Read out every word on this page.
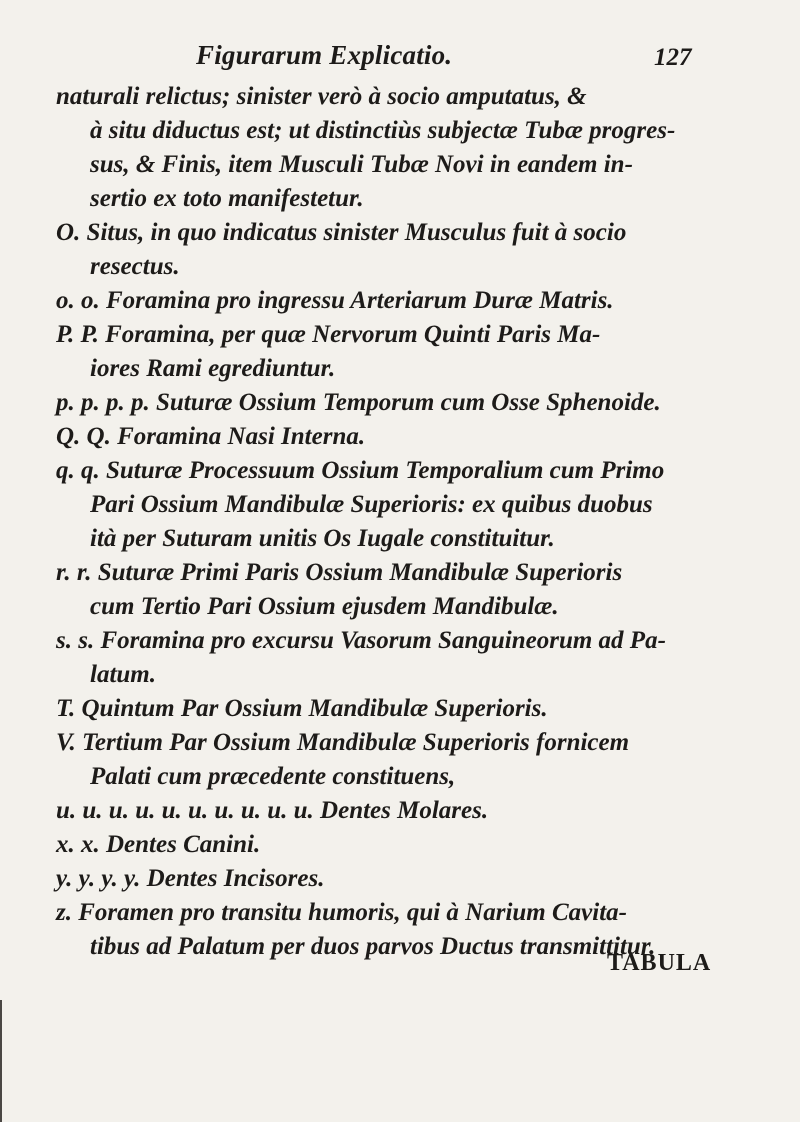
Figurarum Explicatio.	127
naturali relictus; sinister verò à socio amputatus, &
à situ diductus est; ut distinctiùs subjectæ Tubæ progres-
sus, & Finis, item Musculi Tubæ Novi in eandem in-
sertio ex toto manifestetur.
O. Situs, in quo indicatus sinister Musculus fuit à socio
resectus.
o. o. Foramina pro ingressu Arteriarum Duræ Matris.
P. P. Foramina, per quæ Nervorum Quinti Paris Ma-
iores Rami egrediuntur.
p. p. p. p. Suturæ Ossium Temporum cum Osse Sphenoide.
Q. Q. Foramina Nasi Interna.
q. q. Suturæ Processuum Ossium Temporalium cum Primo
Pari Ossium Mandibulæ Superioris: ex quibus duobus
ità per Suturam unitis Os Iugale constituitur.
r. r. Suturæ Primi Paris Ossium Mandibulæ Superioris
cum Tertio Pari Ossium ejusdem Mandibulæ.
s. s. Foramina pro excursu Vasorum Sanguineorum ad Pa-
latum.
T. Quintum Par Ossium Mandibulæ Superioris.
V. Tertium Par Ossium Mandibulæ Superioris fornicem
Palati cum præcedente constituens,
u. u. u. u. u. u. u. u. u. u. Dentes Molares.
x. x. Dentes Canini.
y. y. y. y. Dentes Incisores.
z. Foramen pro transitu humoris, qui à Narium Cavita-
tibus ad Palatum per duos parvos Ductus transmittitur.
TABULA
